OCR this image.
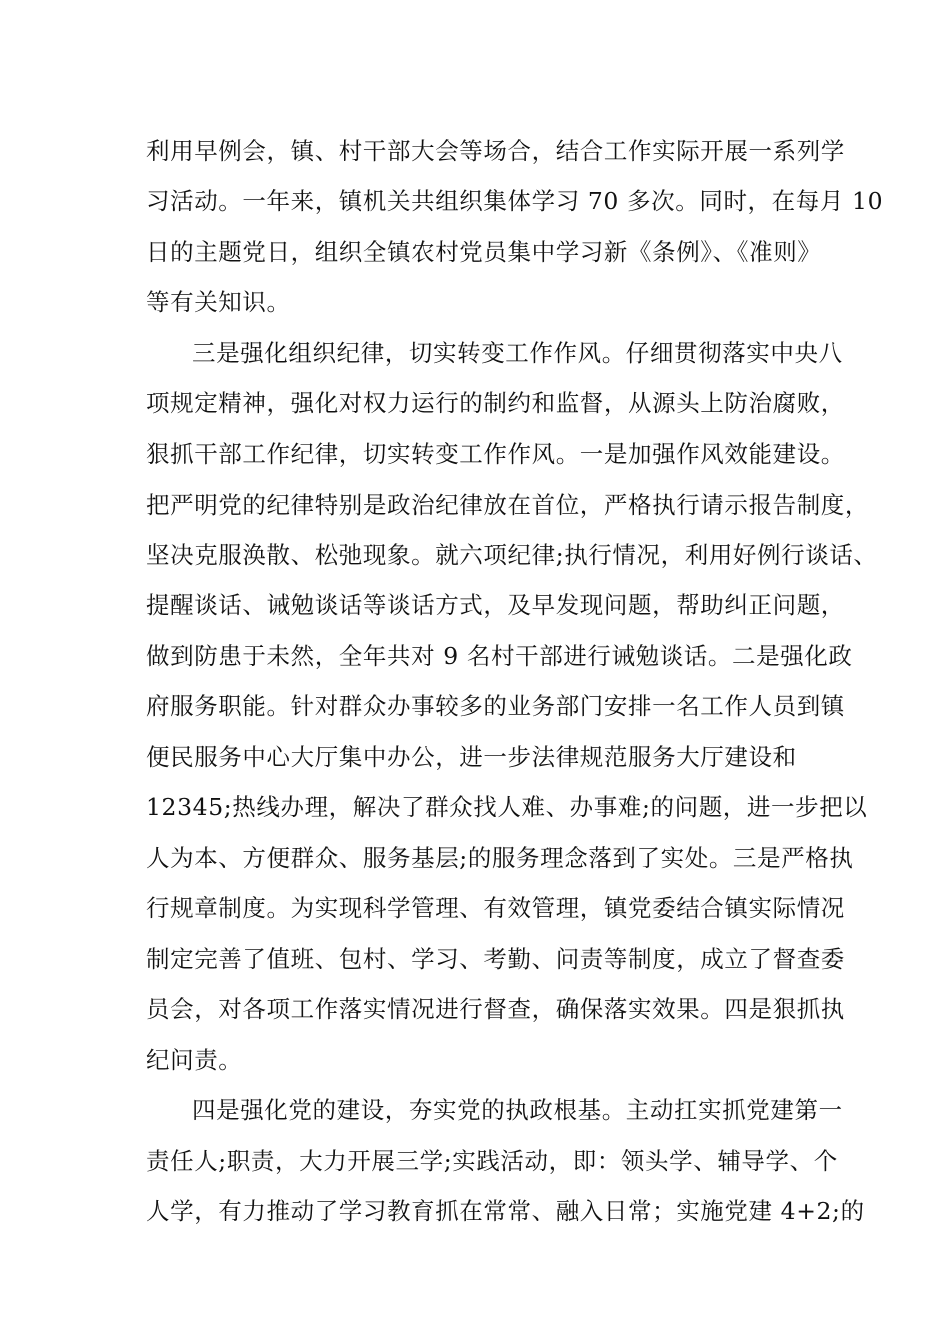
利用早例会，镇、村干部大会等场合，结合工作实际开展一系列学
习活动。一年来，镇机关共组织集体学习 70 多次。同时，在每月 10
日的主题党日，组织全镇农村党员集中学习新《条例》、《准则》
等有关知识。
三是强化组织纪律，切实转变工作作风。仔细贯彻落实中央八
项规定精神，强化对权力运行的制约和监督，从源头上防治腐败，
狠抓干部工作纪律，切实转变工作作风。一是加强作风效能建设。
把严明党的纪律特别是政治纪律放在首位，严格执行请示报告制度，
坚决克服涣散、松弛现象。就六项纪律;执行情况，利用好例行谈话、
提醒谈话、诫勉谈话等谈话方式，及早发现问题，帮助纠正问题，
做到防患于未然，全年共对 9 名村干部进行诫勉谈话。二是强化政
府服务职能。针对群众办事较多的业务部门安排一名工作人员到镇
便民服务中心大厅集中办公，进一步法律规范服务大厅建设和
12345;热线办理，解决了群众找人难、办事难;的问题，进一步把以
人为本、方便群众、服务基层;的服务理念落到了实处。三是严格执
行规章制度。为实现科学管理、有效管理，镇党委结合镇实际情况
制定完善了值班、包村、学习、考勤、问责等制度，成立了督查委
员会，对各项工作落实情况进行督查，确保落实效果。四是狠抓执
纪问责。
四是强化党的建设，夯实党的执政根基。主动扛实抓党建第一
责任人;职责，大力开展三学;实践活动，即：领头学、辅导学、个
人学，有力推动了学习教育抓在常常、融入日常；实施党建 4+2;的
